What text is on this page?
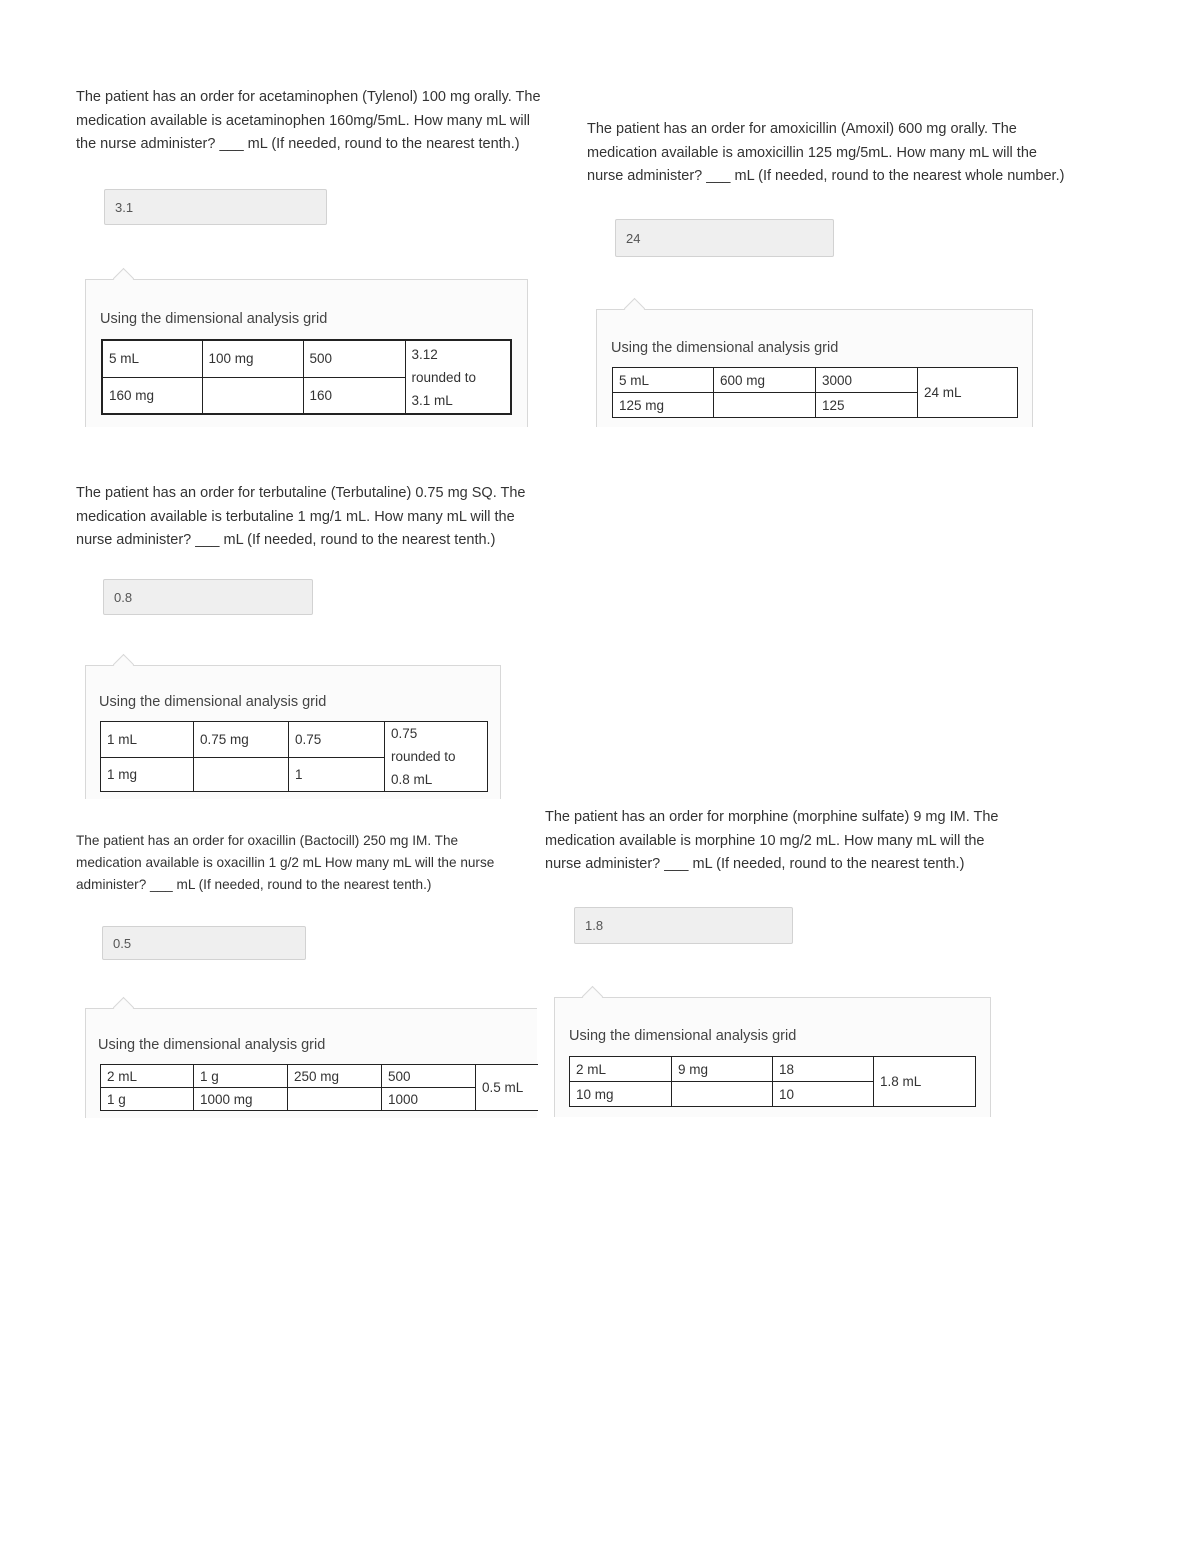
The patient has an order for acetaminophen (Tylenol) 100 mg orally. The

medication available is acetaminophen 160mg/5mL. How many mL will

the nurse administer? ___ mL (If needed, round to the nearest tenth.)

3.1
Using the dimensional analysis grid
5 mL	100 mg	500	3.12
rounded to
3.1 mL

160 mg		160	

The patient has an order for amoxicillin (Amoxil) 600 mg orally. The

medication available is amoxicillin 125 mg/5mL. How many mL will the

nurse administer? ___ mL (If needed, round to the nearest whole number.)

24
Using the dimensional analysis grid
5 mL	600 mg	3000	24 mL
125 mg		125	

The patient has an order for terbutaline (Terbutaline) 0.75 mg SQ. The

medication available is terbutaline 1 mg/1 mL. How many mL will the

nurse administer? ___ mL (If needed, round to the nearest tenth.)

0.8
Using the dimensional analysis grid
1 mL	0.75 mg	0.75	0.75
rounded to
0.8 mL

1 mg		1	

The patient has an order for morphine (morphine sulfate) 9 mg IM. The

medication available is morphine 10 mg/2 mL. How many mL will the

nurse administer? ___ mL (If needed, round to the nearest tenth.)

1.8
Using the dimensional analysis grid
2 mL	9 mg	18	1.8 mL
10 mg		10	

The patient has an order for oxacillin (Bactocill) 250 mg IM. The

medication available is oxacillin 1 g/2 mL How many mL will the nurse

administer? ___ mL (If needed, round to the nearest tenth.)

0.5
Using the dimensional analysis grid
2 mL	1 g	250 mg	500	0.5 mL
1 g	1000 mg		1000	
